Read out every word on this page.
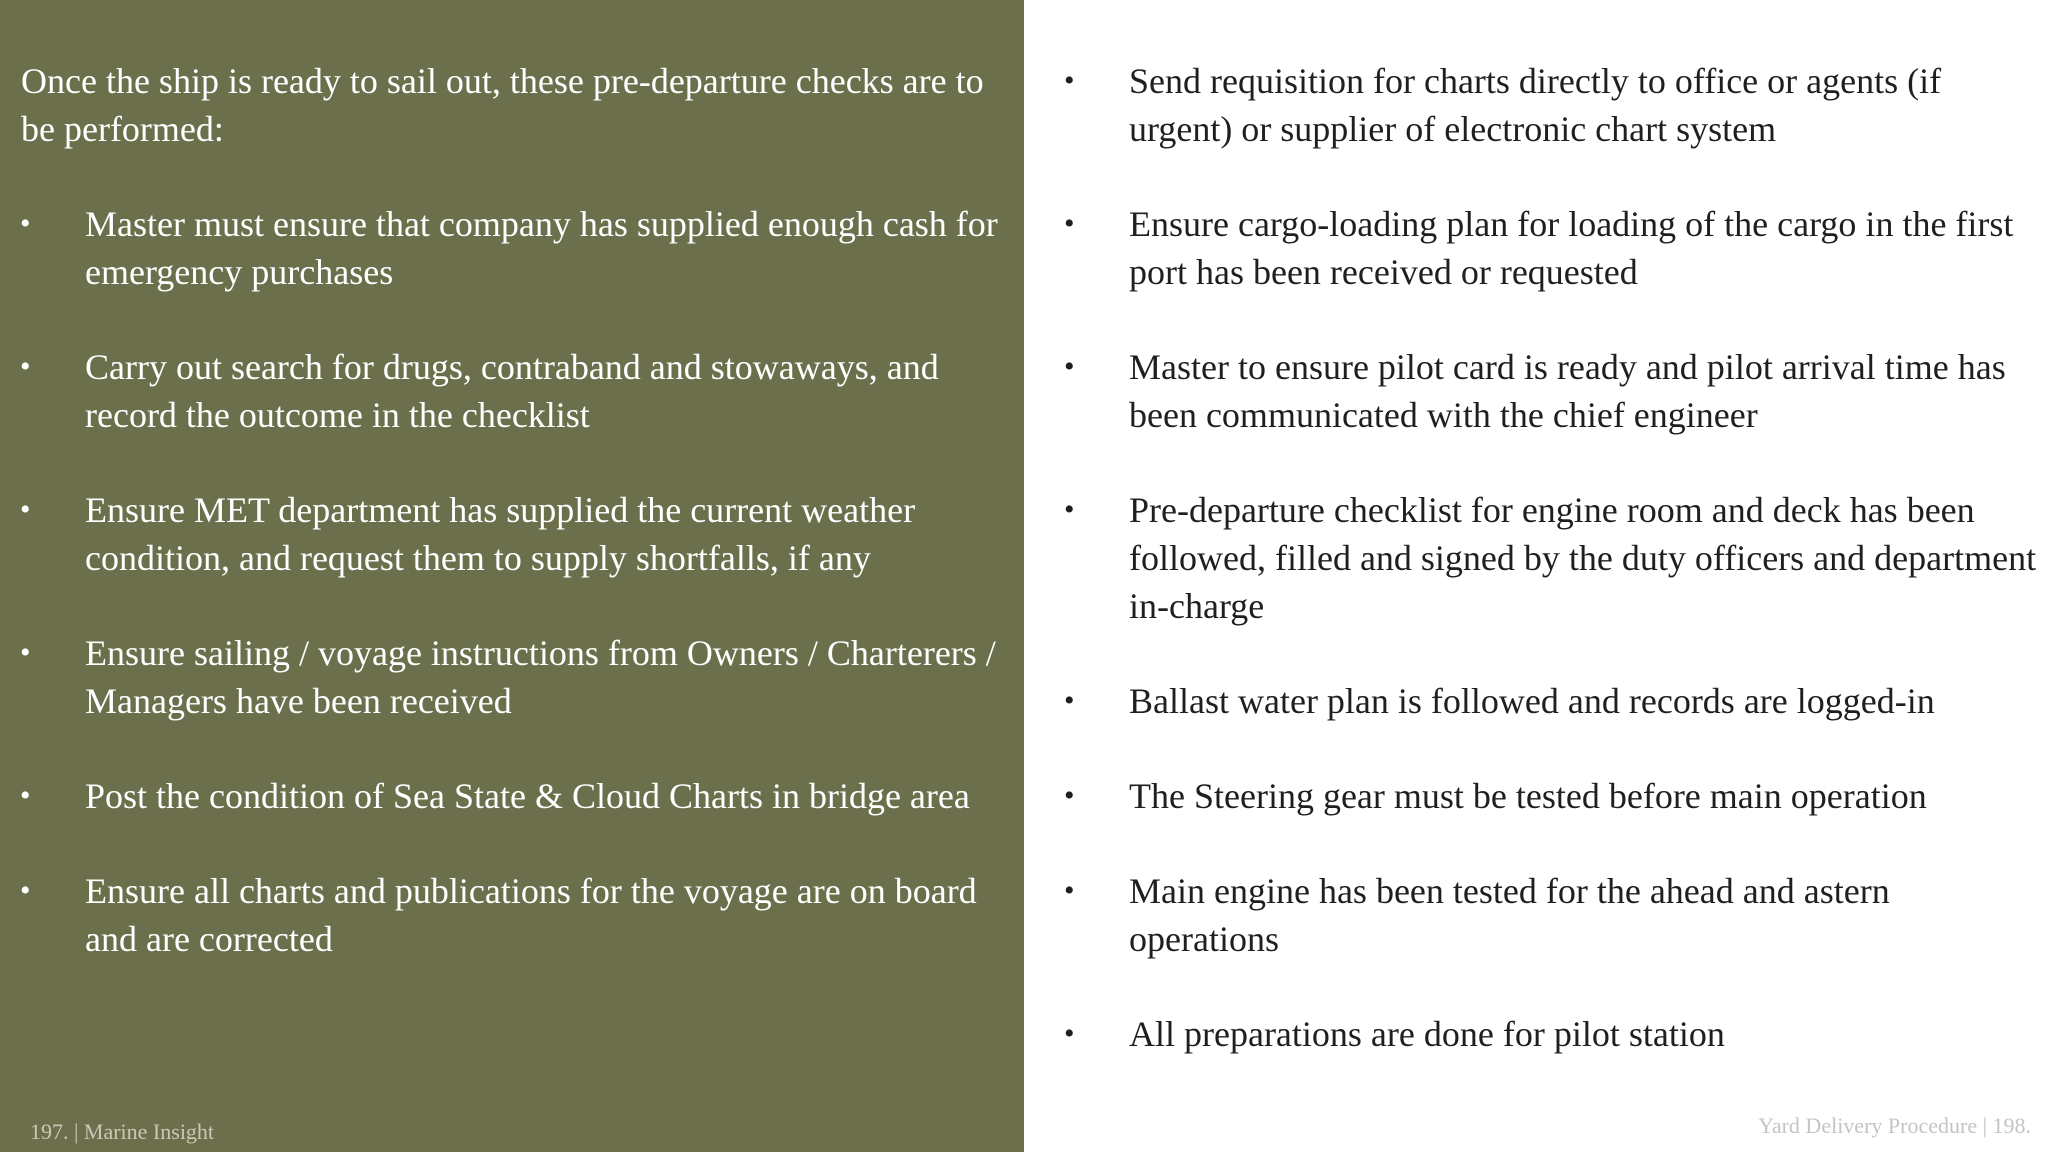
Once the ship is ready to sail out, these pre-departure checks are to be performed:

•	Master must ensure that company has supplied enough cash for emergency purchases
•	Carry out search for drugs, contraband and stowaways, and record the outcome in the checklist
•	Ensure MET department has supplied the current weather condition, and request them to supply shortfalls, if any
•	Ensure sailing / voyage instructions from Owners / Charterers / Managers have been received
•	Post the condition of Sea State & Cloud Charts in bridge area
•	Ensure all charts and publications for the voyage are on board and are corrected
197. | Marine Insight
•	Send requisition for charts directly to office or agents (if urgent) or supplier of electronic chart system
•	Ensure cargo-loading plan for loading of the cargo in the first port has been received or requested
•	Master to ensure pilot card is ready and pilot arrival time has been communicated with the chief engineer
•	Pre-departure checklist for engine room and deck has been followed, filled and signed by the duty officers and department in-charge
•	Ballast water plan is followed and records are logged-in
•	The Steering gear must be tested before main operation
•	Main engine has been tested for the ahead and astern operations
•	All preparations are done for pilot station
Yard Delivery Procedure | 198.
